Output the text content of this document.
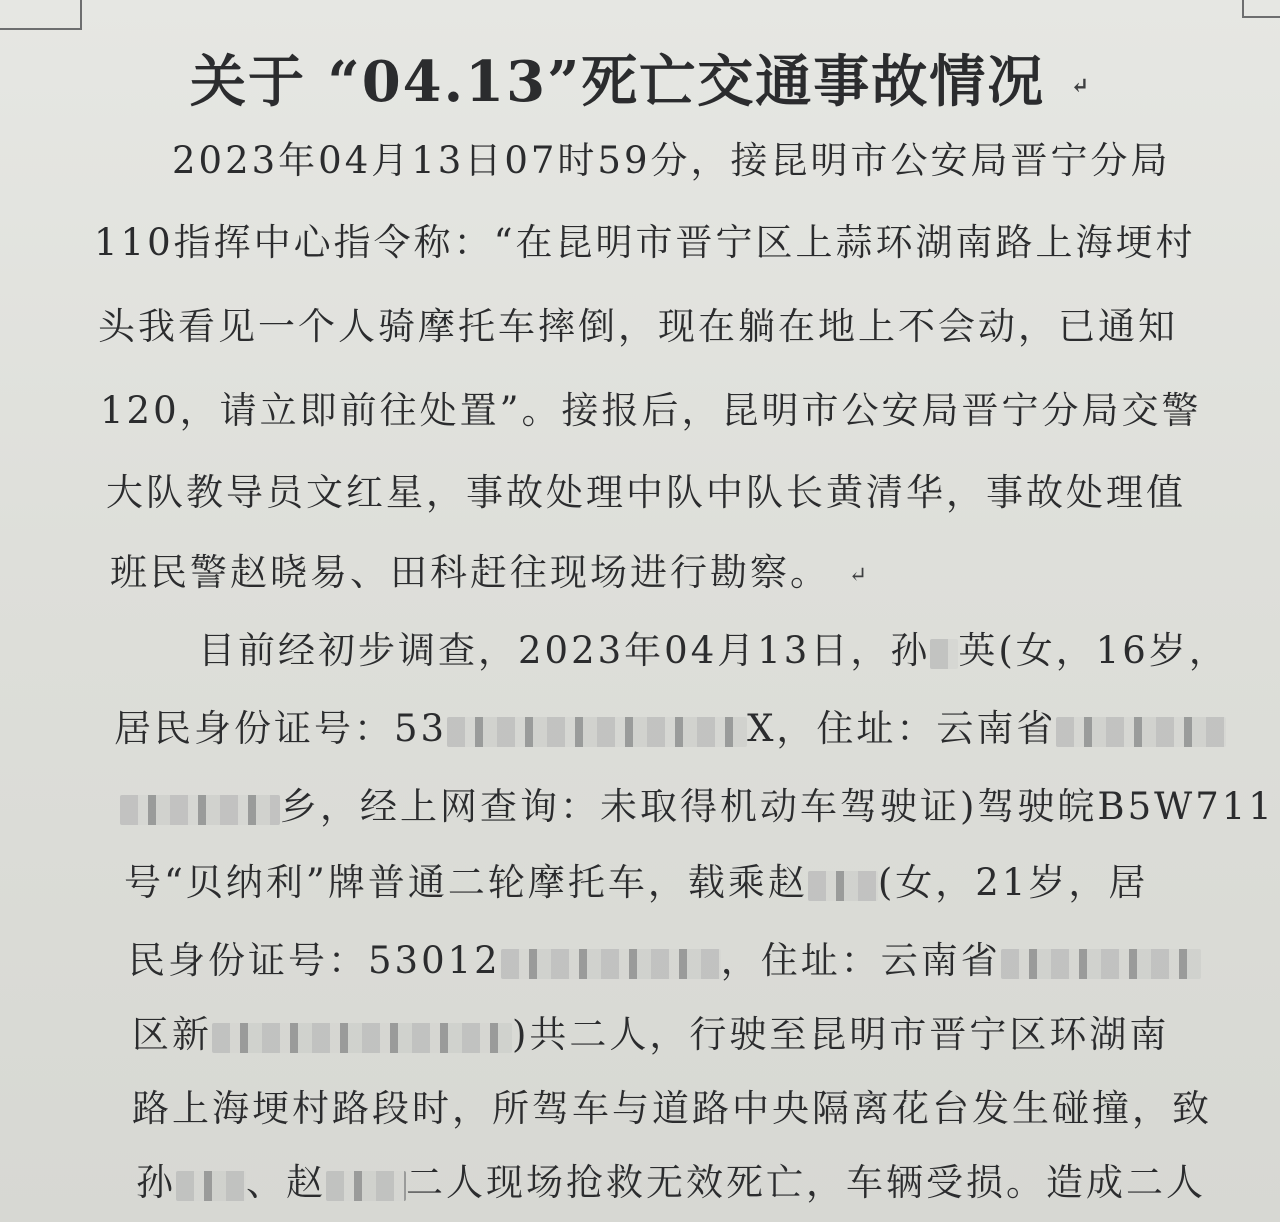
关于 “04.13”死亡交通事故情况 ↵
2023年04月13日07时59分，接昆明市公安局晋宁分局
110指挥中心指令称：“在昆明市晋宁区上蒜环湖南路上海埂村
头我看见一个人骑摩托车摔倒，现在躺在地上不会动，已通知
120，请立即前往处置”。接报后，昆明市公安局晋宁分局交警
大队教导员文红星，事故处理中队中队长黄清华，事故处理值
班民警赵晓易、田科赶往现场进行勘察。 ↵
目前经初步调查，2023年04月13日，孙 英(女，16岁，
居民身份证号：53	X，住址：云南省
乡，经上网查询：未取得机动车驾驶证)驾驶皖B5W711
号“贝纳利”牌普通二轮摩托车，载乘赵 (女，21岁，居
民身份证号：53012	，住址：云南省
区新	)共二人，行驶至昆明市晋宁区环湖南
路上海埂村路段时，所驾车与道路中央隔离花台发生碰撞，致
孙 、赵 二人现场抢救无效死亡，车辆受损。造成二人
